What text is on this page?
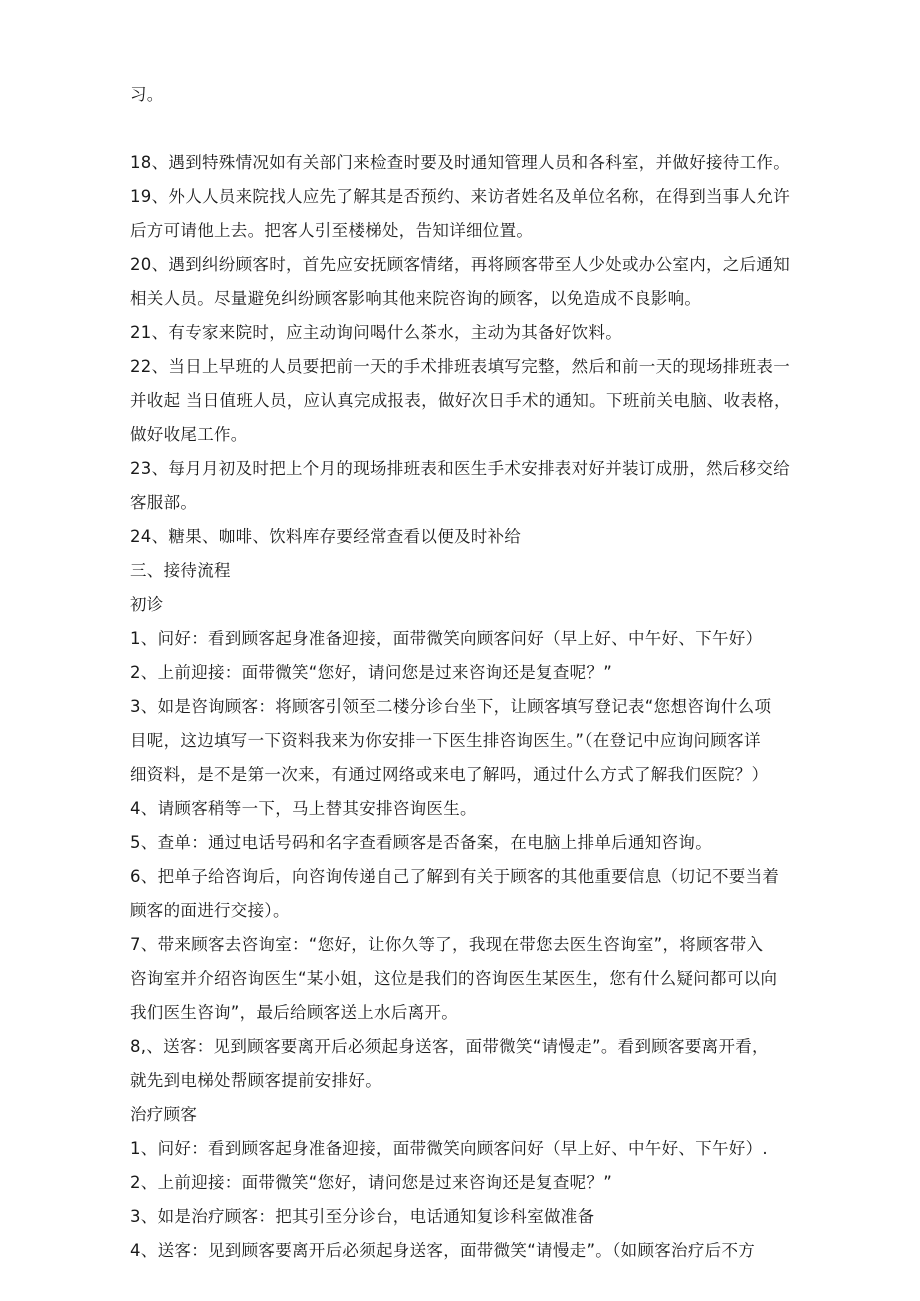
习。
18、遇到特殊情况如有关部门来检查时要及时通知管理人员和各科室，并做好接待工作。
19、外人人员来院找人应先了解其是否预约、来访者姓名及单位名称，在得到当事人允许
后方可请他上去。把客人引至楼梯处，告知详细位置。
20、遇到纠纷顾客时，首先应安抚顾客情绪，再将顾客带至人少处或办公室内，之后通知
相关人员。尽量避免纠纷顾客影响其他来院咨询的顾客，以免造成不良影响。
21、有专家来院时，应主动询问喝什么茶水，主动为其备好饮料。
22、当日上早班的人员要把前一天的手术排班表填写完整，然后和前一天的现场排班表一
并收起 当日值班人员，应认真完成报表，做好次日手术的通知。下班前关电脑、收表格，
做好收尾工作。
23、每月月初及时把上个月的现场排班表和医生手术安排表对好并装订成册，然后移交给
客服部。
24、糖果、咖啡、饮料库存要经常查看以便及时补给
三、接待流程
初诊
1、问好：看到顾客起身准备迎接，面带微笑向顾客问好（早上好、中午好、下午好）
2、上前迎接：面带微笑“您好，请问您是过来咨询还是复查呢？”
3、如是咨询顾客：将顾客引领至二楼分诊台坐下，让顾客填写登记表“您想咨询什么项
目呢，这边填写一下资料我来为你安排一下医生排咨询医生。”（在登记中应询问顾客详
细资料，是不是第一次来，有通过网络或来电了解吗，通过什么方式了解我们医院？）
4、请顾客稍等一下，马上替其安排咨询医生。
5、查单：通过电话号码和名字查看顾客是否备案，在电脑上排单后通知咨询。
6、把单子给咨询后，向咨询传递自己了解到有关于顾客的其他重要信息（切记不要当着
顾客的面进行交接）。
7、带来顾客去咨询室：“您好，让你久等了，我现在带您去医生咨询室”，将顾客带入
咨询室并介绍咨询医生“某小姐，这位是我们的咨询医生某医生，您有什么疑问都可以向
我们医生咨询”，最后给顾客送上水后离开。
8,、送客：见到顾客要离开后必须起身送客，面带微笑“请慢走”。看到顾客要离开看，
就先到电梯处帮顾客提前安排好。
治疗顾客
1、问好：看到顾客起身准备迎接，面带微笑向顾客问好（早上好、中午好、下午好）.
2、上前迎接：面带微笑“您好，请问您是过来咨询还是复查呢？”
3、如是治疗顾客：把其引至分诊台，电话通知复诊科室做准备
4、送客：见到顾客要离开后必须起身送客，面带微笑“请慢走”。（如顾客治疗后不方
